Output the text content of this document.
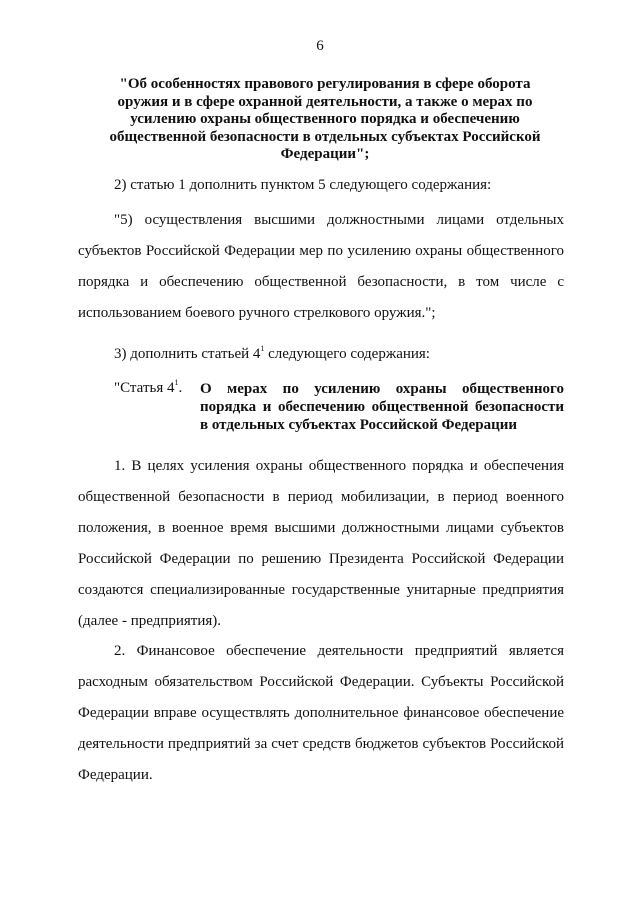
6
"Об особенностях правового регулирования в сфере оборота оружия и в сфере охранной деятельности, а также о мерах по усилению охраны общественного порядка и обеспечению общественной безопасности в отдельных субъектах Российской Федерации";
2) статью 1 дополнить пунктом 5 следующего содержания:
"5) осуществления высшими должностными лицами отдельных субъектов Российской Федерации мер по усилению охраны общественного порядка и обеспечению общественной безопасности, в том числе с использованием боевого ручного стрелкового оружия.";
3) дополнить статьей $4^1$ следующего содержания:
"Статья $4^1$. О мерах по усилению охраны общественного порядка и обеспечению общественной безопасности в отдельных субъектах Российской Федерации
1. В целях усиления охраны общественного порядка и обеспечения общественной безопасности в период мобилизации, в период военного положения, в военное время высшими должностными лицами субъектов Российской Федерации по решению Президента Российской Федерации создаются специализированные государственные унитарные предприятия (далее - предприятия).
2. Финансовое обеспечение деятельности предприятий является расходным обязательством Российской Федерации. Субъекты Российской Федерации вправе осуществлять дополнительное финансовое обеспечение деятельности предприятий за счет средств бюджетов субъектов Российской Федерации.
